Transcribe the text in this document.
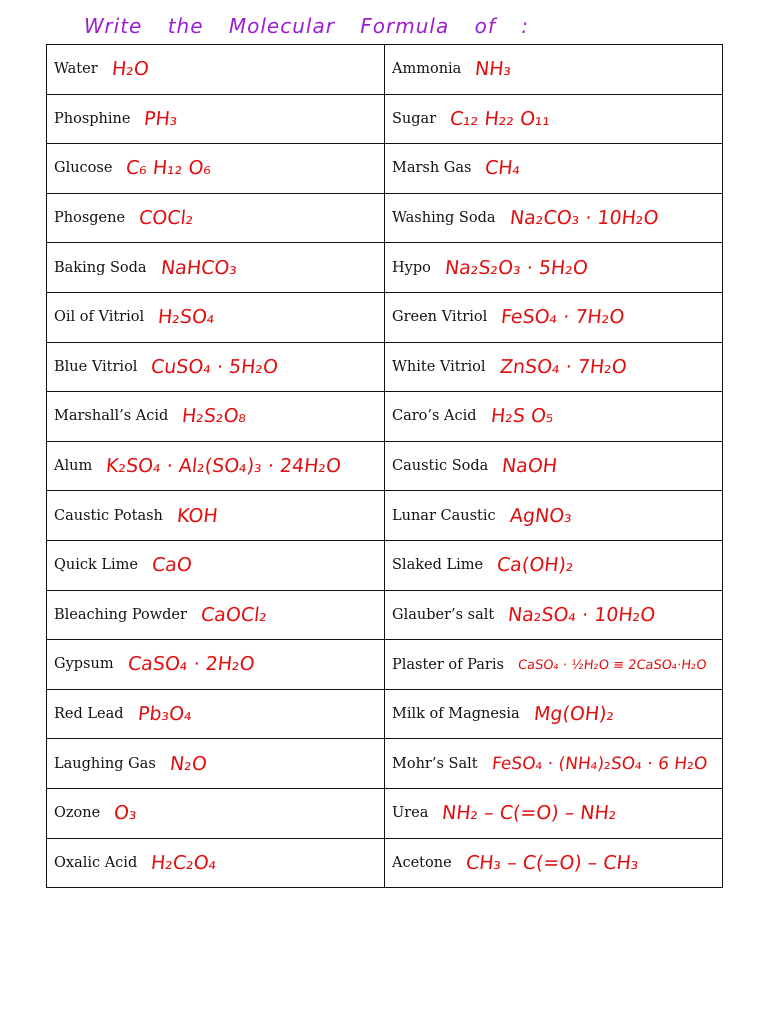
Write the Molecular Formula of :
Water H₂O	Ammonia NH₃
Phosphine PH₃	Sugar C₁₂ H₂₂ O₁₁
Glucose C₆ H₁₂ O₆	Marsh Gas CH₄
Phosgene COCl₂	Washing Soda Na₂CO₃ · 10H₂O
Baking Soda NaHCO₃	Hypo Na₂S₂O₃ · 5H₂O
Oil of Vitriol H₂SO₄	Green Vitriol FeSO₄ · 7H₂O
Blue Vitriol CuSO₄ · 5H₂O	White Vitriol ZnSO₄ · 7H₂O
Marshall’s Acid H₂S₂O₈	Caro’s Acid H₂S O₅
Alum K₂SO₄ · Al₂(SO₄)₃ · 24H₂O	Caustic Soda NaOH
Caustic Potash KOH	Lunar Caustic AgNO₃
Quick Lime CaO	Slaked Lime Ca(OH)₂
Bleaching Powder CaOCl₂	Glauber’s salt Na₂SO₄ · 10H₂O
Gypsum CaSO₄ · 2H₂O	Plaster of Paris CaSO₄ · ½H₂O ≡ 2CaSO₄·H₂O
Red Lead Pb₃O₄	Milk of Magnesia Mg(OH)₂
Laughing Gas N₂O	Mohr’s Salt FeSO₄ · (NH₄)₂SO₄ · 6 H₂O
Ozone O₃	Urea NH₂ – C(=O) – NH₂
Oxalic Acid H₂C₂O₄	Acetone CH₃ – C(=O) – CH₃
